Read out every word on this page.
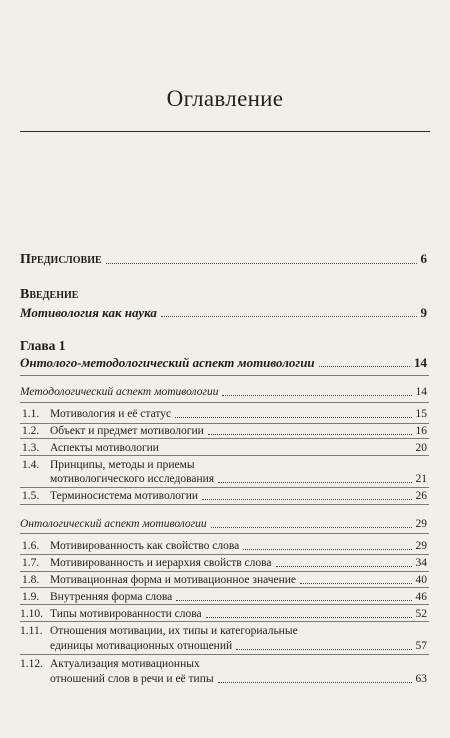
Оглавление
Предисловие	6
Введение
Мотивология как наука	9
Глава 1
Онтолого-методологический аспект мотивологии	14
Методологический аспект мотивологии	14
1.1. Мотивология и её статус	15
1.2. Объект и предмет мотивологии	16
1.3. Аспекты мотивологии	20
1.4. Принципы, методы и приемы
мотивологического исследования	21
1.5. Терминосистема мотивологии	26
Онтологический аспект мотивологии	29
1.6. Мотивированность как свойство слова	29
1.7. Мотивированность и иерархия свойств слова	34
1.8. Мотивационная форма и мотивационное значение	40
1.9. Внутренняя форма слова	46
1.10. Типы мотивированности слова	52
1.11. Отношения мотивации, их типы и категориальные
единицы мотивационных отношений	57
1.12. Актуализация мотивационных
отношений слов в речи и её типы	63
